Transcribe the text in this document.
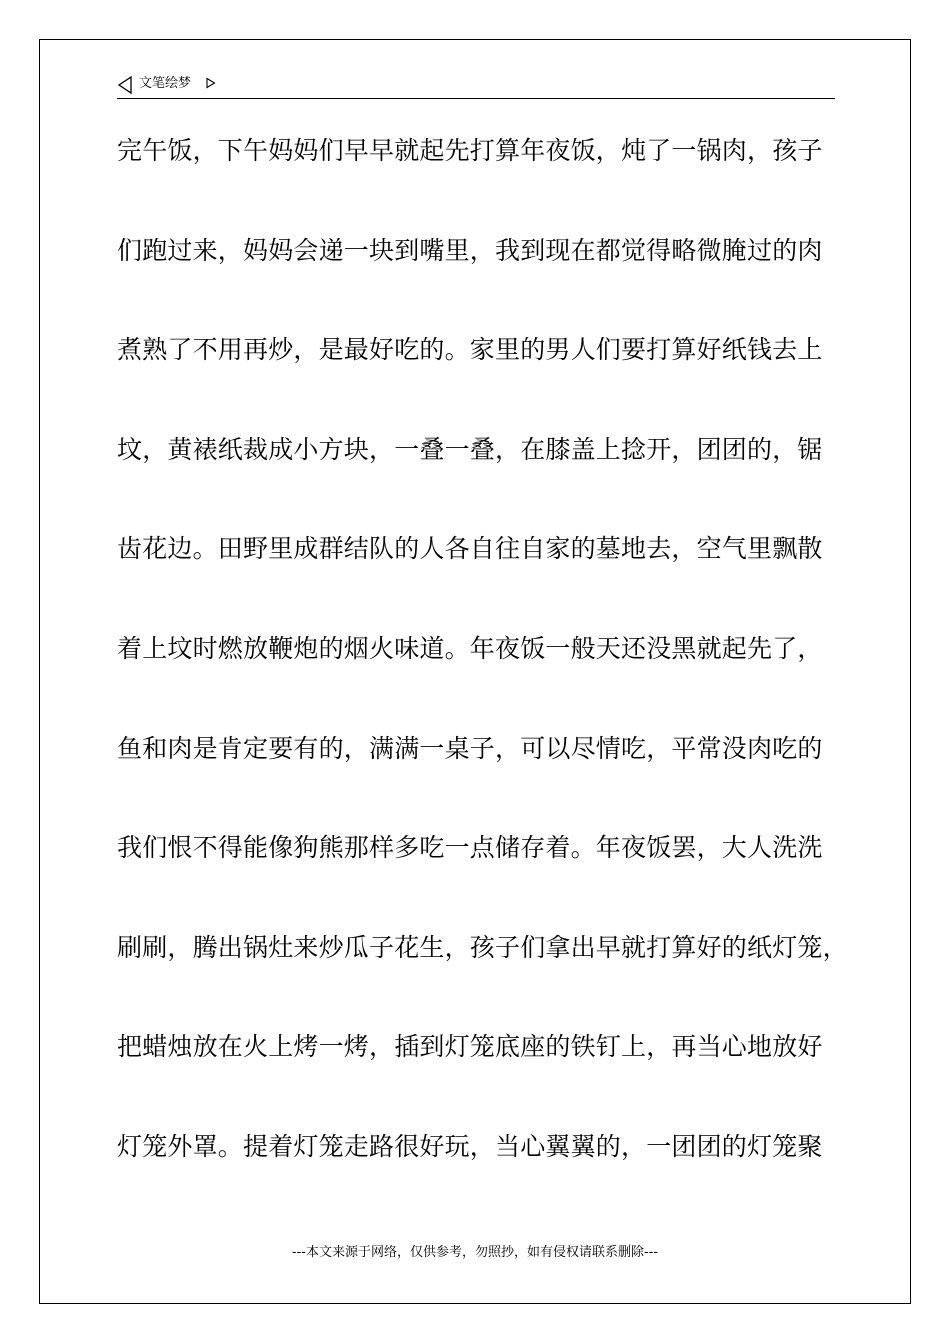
文笔绘梦
完午饭，下午妈妈们早早就起先打算年夜饭，炖了一锅肉，孩子
们跑过来，妈妈会递一块到嘴里，我到现在都觉得略微腌过的肉
煮熟了不用再炒，是最好吃的。家里的男人们要打算好纸钱去上
坟，黄裱纸裁成小方块，一叠一叠，在膝盖上捻开，团团的，锯
齿花边。田野里成群结队的人各自往自家的墓地去，空气里飘散
着上坟时燃放鞭炮的烟火味道。年夜饭一般天还没黑就起先了，
鱼和肉是肯定要有的，满满一桌子，可以尽情吃，平常没肉吃的
我们恨不得能像狗熊那样多吃一点储存着。年夜饭罢，大人洗洗
刷刷，腾出锅灶来炒瓜子花生，孩子们拿出早就打算好的纸灯笼，
把蜡烛放在火上烤一烤，插到灯笼底座的铁钉上，再当心地放好
灯笼外罩。提着灯笼走路很好玩，当心翼翼的，一团团的灯笼聚
---本文来源于网络，仅供参考，勿照抄，如有侵权请联系删除---
